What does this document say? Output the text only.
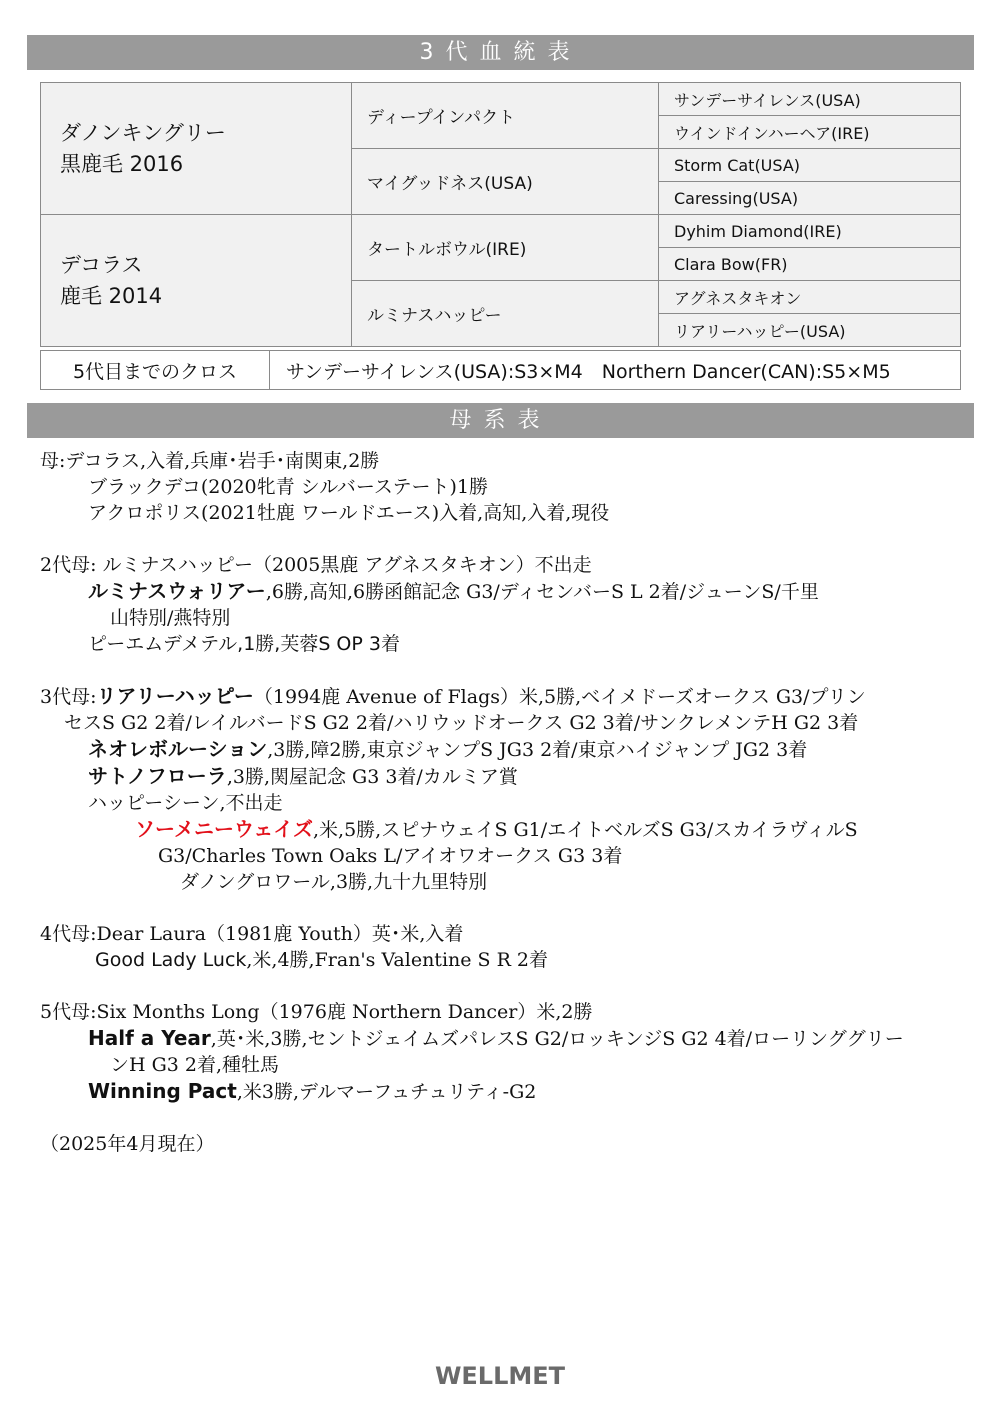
3代血統表
ダノンキングリー
黒鹿毛 2016	ディープインパクト	サンデーサイレンス(USA)
		ウインドインハーヘア(IRE)
	マイグッドネス(USA)	Storm Cat(USA)
		Caressing(USA)

デコラス
鹿毛 2014	タートルボウル(IRE)	Dyhim Diamond(IRE)
		Clara Bow(FR)
	ルミナスハッピー	アグネスタキオン
		リアリーハッピー(USA)
5代目までのクロス	サンデーサイレンス(USA):S3×M4　Northern Dancer(CAN):S5×M5
母系表
母:デコラス,入着,兵庫･岩手･南関東,2勝
ブラックデコ(2020牝青 シルバーステート)1勝
アクロポリス(2021牡鹿 ワールドエース)入着,高知,入着,現役
2代母: ルミナスハッピー（2005黒鹿 アグネスタキオン）不出走
ルミナスウォリアー,6勝,高知,6勝函館記念 G3/ディセンバーS L 2着/ジューンS/千里
山特別/燕特別
ピーエムデメテル,1勝,芙蓉S OP 3着
3代母:リアリーハッピー（1994鹿 Avenue of Flags）米,5勝,ベイメドーズオークス G3/プリン
セスS G2 2着/レイルバードS G2 2着/ハリウッドオークス G2 3着/サンクレメンテH G2 3着
ネオレボルーション,3勝,障2勝,東京ジャンプS JG3 2着/東京ハイジャンプ JG2 3着
サトノフローラ,3勝,関屋記念 G3 3着/カルミア賞
ハッピーシーン,不出走
ソーメニーウェイズ,米,5勝,スピナウェイS G1/エイトベルズS G3/スカイラヴィルS
G3/Charles Town Oaks L/アイオワオークス G3 3着
ダノングロワール,3勝,九十九里特別
4代母:Dear Laura（1981鹿 Youth）英･米,入着
Good Lady Luck,米,4勝,Fran's Valentine S R 2着
5代母:Six Months Long（1976鹿 Northern Dancer）米,2勝
Half a Year,英･米,3勝,セントジェイムズパレスS G2/ロッキンジS G2 4着/ローリンググリー
ンH G3 2着,種牡馬
Winning Pact,米3勝,デルマーフュチュリティ-G2
（2025年4月現在）
WELLMET
